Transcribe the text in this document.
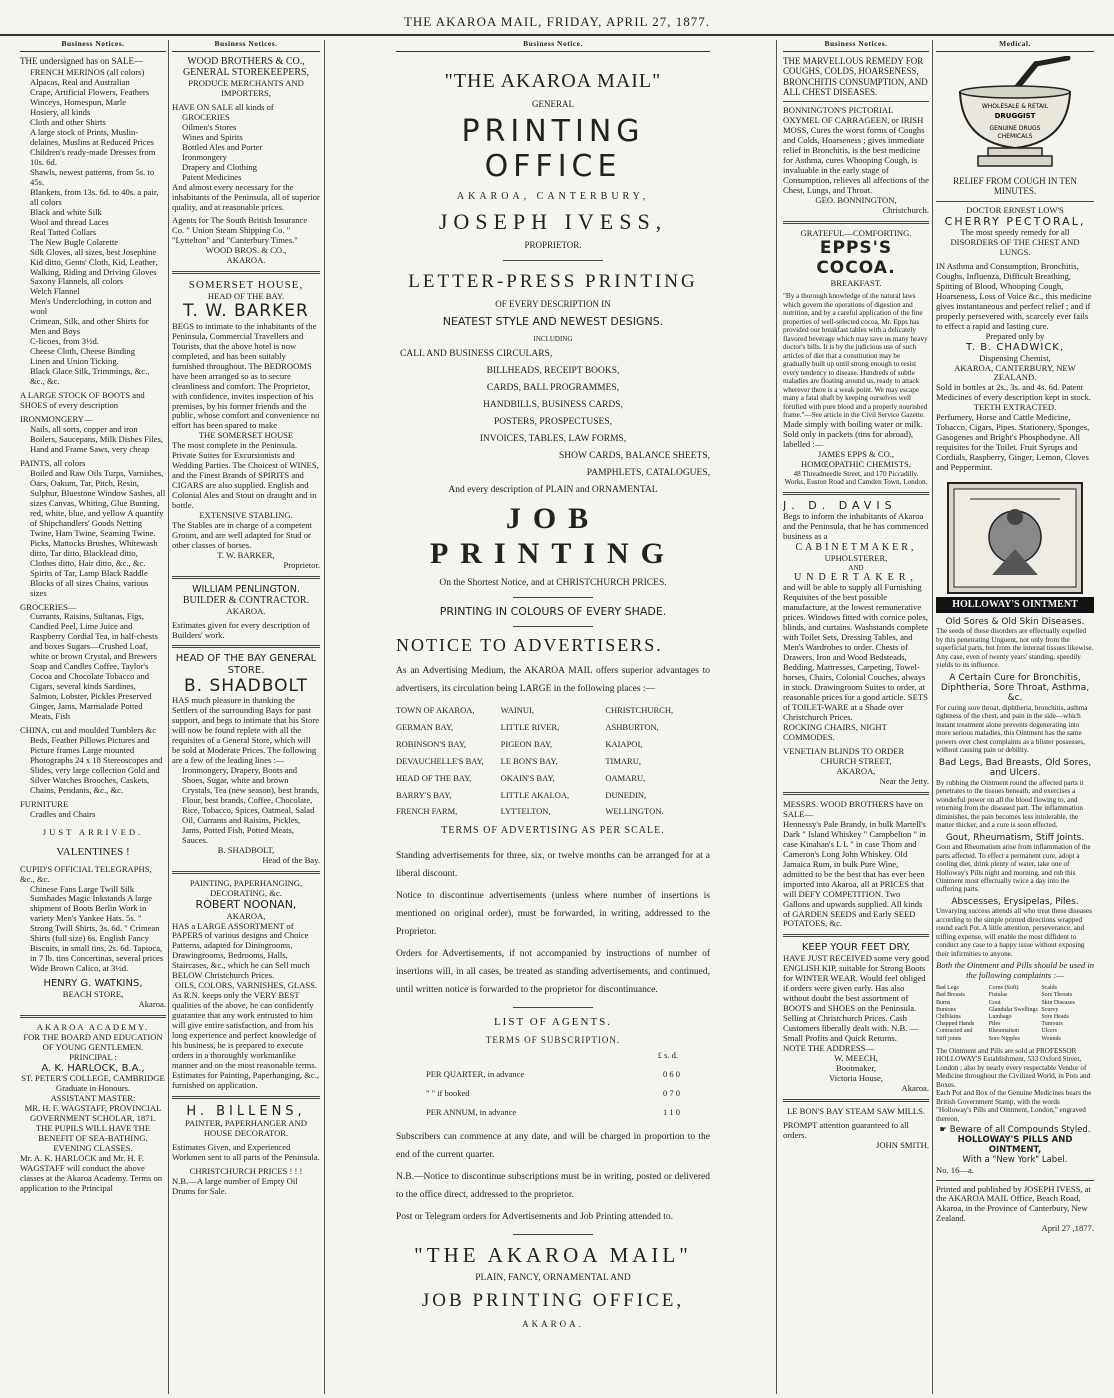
THE AKAROA MAIL, FRIDAY, APRIL 27, 1877.
Business Notices.
THE undersigned has on SALE—
FRENCH MERINOS (all colors)
Alpacas, Real and Australian
Crape, Artificial Flowers, Feathers
Winceys, Homespun, Marle
Hosiery, all kinds
Cloth and other Shirts
A large stock of Prints, Muslin-delaines, Muslins at Reduced Prices
Children's ready-made Dresses from 10s. 6d.
Shawls, newest patterns, from 5s. to 45s.
Blankets, from 13s. 6d. to 40s. a pair, all colors
Black and white Silk
Wool and thread Laces
Real Tatted Collars
The New Bugle Colarette
Silk Gloves, all sizes, best Josephine Kid ditto, Gents' Cloth, Kid, Leather, Walking, Riding and Driving Gloves
Saxony Flannels, all colors
Welch Flannel
Men's Underclothing, in cotton and wool
Crimean, Silk, and other Shirts for Men and Boys
C-licoes, from 3½d.
Cheese Cloth, Cheese Binding
Linen and Union Ticking.
Black Glace Silk, Trimmings, &c., &c., &c.
A LARGE STOCK OF BOOTS and SHOES of every description
IRONMONGERY—
Nails, all sorts, copper and iron Boilers, Saucepans, Milk Dishes Files, Hand and Frame Saws, very cheap
PAINTS, all colors
Boiled and Raw Oils Turps, Varnishes, Oars, Oakum, Tar, Pitch, Resin, Sulphur, Bluestone Window Sashes, all sizes Canvas, Whiting, Glue Bunting, red, white, blue, and yellow A quantity of Shipchandlers' Goods Netting Twine, Ham Twine, Seaming Twine. Picks, Mattocks Brushes, Whitewash ditto, Tar ditto, Blacklead ditto, Clothes ditto, Hair ditto, &c., &c. Spirits of Tar, Lamp Black Raddle Blocks of all sizes Chains, various sizes
GROCERIES—
Currants, Raisins, Sultanas, Figs, Candied Peel, Lime Juice and Raspberry Cordial Tea, in half-chests and boxes Sugars—Crushed Loaf, white or brown Crystal, and Brewers Soap and Candles Coffee, Taylor's Cocoa and Chocolate Tobacco and Cigars, several kinds Sardines, Salmon, Lobster, Pickles Preserved Ginger, Jams, Marmalade Potted Meats, Fish
CHINA, cut and moulded Tumblers &c
Beds, Feather Pillows Pictures and Picture frames Large mounted Photographs 24 x 18 Stereoscopes and Slides, very large collection Gold and Silver Watches Brooches, Caskets, Chains, Pendants, &c., &c.
FURNITURE
Cradles and Chairs
JUST ARRIVED.
VALENTINES !
CUPID'S OFFICIAL TELEGRAPHS, &c., &c.
Chinese Fans Large Twill Silk Sunshades Magic Inkstands A large shipment of Boots Berlin Work in variety Men's Yankee Hats. 5s. " Strong Twill Shirts, 3s. 6d. " Crimean Shirts (full size) 6s. English Fancy Biscuits, in small tins, 2s. 6d. Tapioca, in 7 lb. tins Concertinas, several prices Wide Brown Calico, at 3½d.
HENRY G. WATKINS,
BEACH STORE,
Akaroa.
AKAROA ACADEMY.
FOR THE BOARD AND EDUCATION OF YOUNG GENTLEMEN.
PRINCIPAL :
A. K. HARLOCK, B.A.,
ST. PETER'S COLLEGE, CAMBRIDGE Graduate in Honours.
ASSISTANT MASTER:
MR. H. F. WAGSTAFF, PROVINCIAL GOVERNMENT SCHOLAR, 1871.
THE PUPILS WILL HAVE THE BENEFIT OF SEA-BATHING.
EVENING CLASSES.
Mr. A. K. HARLOCK and Mr. H. F. WAGSTAFF will conduct the above classes at the Akaroa Academy. Terms on application to the Principal
Business Notices.
WOOD BROTHERS & CO.,
GENERAL STOREKEEPERS,
PRODUCE MERCHANTS AND IMPORTERS,
HAVE ON SALE all kinds of
GROCERIES
Oilmen's Stores
Wines and Spirits
Bottled Ales and Porter
Ironmongery
Drapery and Clothing
Patent Medicines
And almost every necessary for the inhabitants of the Peninsula, all of superior quality, and at reasonable prices.
Agents for The South British Insurance Co. " Union Steam Shipping Co. " "Lyttelton" and "Canterbury Times."
WOOD BROS. & CO.,
AKAROA.
SOMERSET HOUSE,
HEAD OF THE BAY.
T. W. BARKER
BEGS to intimate to the inhabitants of the Peninsula, Commercial Travellers and Tourists, that the above hotel is now completed, and has been suitably furnished throughout. The BEDROOMS have been arranged so as to secure cleanliness and comfort. The Proprietor, with confidence, invites inspection of his premises, by his former friends and the public, whose comfort and convenience no effort has been spared to make
THE SOMERSET HOUSE
The most complete in the Peninsula. Private Suites for Excursionists and Wedding Parties. The Choicest of WINES, and the Finest Brands of SPIRITS and CIGARS are also supplied. English and Colonial Ales and Stout on draught and in bottle.
EXTENSIVE STABLING.
The Stables are in charge of a competent Groom, and are well adapted for Stud or other classes of horses.
T. W. BARKER,
Proprietor.
WILLIAM PENLINGTON.
BUILDER & CONTRACTOR.
AKAROA.
Estimates given for every description of Builders' work.
HEAD OF THE BAY GENERAL STORE.
B. SHADBOLT
HAS much pleasure in thanking the Settlers of the surrounding Bays for past support, and begs to intimate that his Store will now be found replete with all the requisites of a General Store, which will be sold at Moderate Prices. The following are a few of the leading lines :—
Ironmongery, Drapery, Boots and Shoes, Sugar, white and brown Crystals, Tea (new season), best brands, Flour, best brands, Coffee, Chocolate, Rice, Tobacco, Spices, Oatmeal, Salad Oil, Currants and Raisins, Pickles, Jams, Potted Fish, Potted Meats, Sauces.
B. SHADBOLT,
Head of the Bay.
PAINTING, PAPERHANGING, DECORATING, &c.
ROBERT NOONAN,
AKAROA,
HAS a LARGE ASSORTMENT of PAPERS of various designs and Choice Patterns, adapted for Diningrooms, Drawingrooms, Bedrooms, Halls, Staircases, &c., which he can Sell much BELOW Christchurch Prices.
OILS, COLORS, VARNISHES, GLASS.
As R.N. keeps only the VERY BEST qualities of the above, he can confidently guarantee that any work entrusted to him will give entire satisfaction, and from his long experience and perfect knowledge of his business, he is prepared to execute orders in a thoroughly workmanlike manner and on the most reasonable terms. Estimates for Painting, Paperhanging, &c., furnished on application.
H. BILLENS,
PAINTER, PAPERHANGER AND HOUSE DECORATOR.
Estimates Given, and Experienced Workmen sent to all parts of the Peninsula.
CHRISTCHURCH PRICES ! ! !
N.B.—A large number of Empty Oil Drums for Sale.
Business Notice.
"THE AKAROA MAIL"
GENERAL
PRINTING OFFICE
AKAROA, CANTERBURY,
JOSEPH IVESS,
PROPRIETOR.
LETTER-PRESS PRINTING
OF EVERY DESCRIPTION IN
NEATEST STYLE AND NEWEST DESIGNS.
INCLUDING
CALL AND BUSINESS CIRCULARS,
BILLHEADS, RECEIPT BOOKS,
CARDS, BALL PROGRAMMES,
HANDBILLS, BUSINESS CARDS,
POSTERS, PROSPECTUSES,
INVOICES, TABLES, LAW FORMS,
SHOW CARDS, BALANCE SHEETS,
PAMPHLETS, CATALOGUES,
And every description of PLAIN and ORNAMENTAL
JOB PRINTING
On the Shortest Notice, and at CHRISTCHURCH PRICES.
PRINTING IN COLOURS OF EVERY SHADE.
NOTICE TO ADVERTISERS.

As an Advertising Medium, the AKAROA MAIL offers superior advantages to advertisers, its circulation being LARGE in the following places :—

TOWN OF AKAROA,	WAINUI,	CHRISTCHURCH,
GERMAN BAY,	LITTLE RIVER,	ASHBURTON,
ROBINSON'S BAY,	PIGEON BAY,	KAIAPOI,
DEVAUCHELLE'S BAY,	LE BON'S BAY,	TIMARU,
HEAD OF THE BAY,	OKAIN'S BAY,	OAMARU,
BARRY'S BAY,	LITTLE AKALOA,	DUNEDIN,
FRENCH FARM,	LYTTELTON,	WELLINGTON.
TERMS OF ADVERTISING AS PER SCALE.

Standing advertisements for three, six, or twelve months can be arranged for at a liberal discount.

Notice to discontinue advertisements (unless where number of insertions is mentioned on original order), must be forwarded, in writing, addressed to the Proprietor.

Orders for Advertisements, if not accompanied by instructions of number of insertions will, in all cases, be treated as standing advertisements, and continued, until written notice is forwarded to the proprietor for discontinuance.

LIST OF AGENTS.
TERMS OF SUBSCRIPTION.
£ s. d.
PER QUARTER, in advance	0 6 0
" " if booked	0 7 0
PER ANNUM, in advance	1 1 0

Subscribers can commence at any date, and will be charged in proportion to the end of the current quarter.

N.B.—Notice to discontinue subscriptions must be in writing, posted or delivered to the office direct, addressed to the proprietor.

Post or Telegram orders for Advertisements and Job Printing attended to.

"THE AKAROA MAIL"
PLAIN, FANCY, ORNAMENTAL AND
JOB PRINTING OFFICE,
AKAROA.
Business Notices.
THE MARVELLOUS REMEDY FOR COUGHS, COLDS, HOARSENESS, BRONCHITIS CONSUMPTION, AND ALL CHEST DISEASES.
BONNINGTON'S PICTORIAL OXYMEL OF CARRAGEEN, or IRISH MOSS, Cures the worst forms of Coughs and Colds, Hoarseness ; gives immediate relief in Bronchitis, is the best medicine for Asthma, cures Whooping Cough, is invaluable in the early stage of Consumption, relieves all affections of the Chest, Lungs, and Throat.
GEO. BONNINGTON,
Christchurch.
GRATEFUL—COMFORTING.
EPPS'S COCOA.
BREAKFAST.
"By a thorough knowledge of the natural laws which govern the operations of digestion and nutrition, and by a careful application of the fine properties of well-selected cocoa, Mr. Epps has provided our breakfast tables with a delicately flavored beverage which may save us many heavy doctor's bills. It is by the judicious use of such articles of diet that a constitution may be gradually built up until strong enough to resist every tendency to disease. Hundreds of subtle maladies are floating around us, ready to attack wherever there is a weak point. We may escape many a fatal shaft by keeping ourselves well fortified with pure blood and a properly nourished frame."—See article in the Civil Service Gazette.
Made simply with boiling water or milk. Sold only in packets (tins for abroad), labelled :—
JAMES EPPS & CO.,
HOMŒOPATHIC CHEMISTS,
48 Threadneedle Street, and 170 Piccadilly. Works, Euston Road and Camden Town, London.
J. D. DAVIS
Begs to inform the inhabitants of Akaroa and the Peninsula, that he has commenced business as a
CABINETMAKER,
UPHOLSTERER,
AND
UNDERTAKER,
and will be able to supply all Furnishing Requisites of the best possible manufacture, at the lowest remunerative prices. Windows fitted with cornice poles, blinds, and curtains. Washstands complete with Toilet Sets, Dressing Tables, and Men's Wardrobes to order. Chests of Drawers, Iron and Wood Bedsteads, Bedding, Mattresses, Carpeting, Towel-horses, Chairs, Colonial Couches, always in stock. Drawingroom Suites to order, at reasonable prices for a good article. SETS of TOILET-WARE at a Shade over Christchurch Prices.
ROCKING CHAIRS, NIGHT COMMODES.
VENETIAN BLINDS TO ORDER
CHURCH STREET,
AKAROA,
Near the Jetty.
MESSRS. WOOD BROTHERS have on SALE—
Hennessy's Pale Brandy, in bulk Martell's Dark " Island Whiskey " Campbelton " in case Kinahan's L L " in case Thom and Cameron's Long John Whiskey. Old Jamaica Rum, in bulk Pure Wine, admitted to be the best that has ever been imported into Akaroa, all at PRICES that will DEFY COMPETITION. Two Gallons and upwards supplied. All kinds of GARDEN SEEDS and Early SEED POTATOES, &c.
KEEP YOUR FEET DRY.
HAVE JUST RECEIVED some very good ENGLISH KIP, suitable for Strong Boots for WINTER WEAR. Would feel obliged if orders were given early. Has also without doubt the best assortment of BOOTS and SHOES on the Peninsula. Selling at Christchurch Prices. Cash Customers liberally dealt with. N.B. — Small Profits and Quick Returns.
NOTE THE ADDRESS—
W. MEECH,
Bootmaker,
Victoria House,
Akaroa.
LE BON'S BAY STEAM SAW MILLS.
PROMPT attention guaranteed to all orders.
JOHN SMITH.
Medical.
WHOLESALE & RETAIL
DRUGGIST
GENUINE DRUGS
CHEMICALS
RELIEF FROM COUGH IN TEN MINUTES.
DOCTOR ERNEST LOW'S
CHERRY PECTORAL,
The most speedy remedy for all DISORDERS OF THE CHEST AND LUNGS.
IN Asthma and Consumption, Bronchitis, Coughs, Influenza, Difficult Breathing, Spitting of Blood, Whooping Cough, Hoarseness, Loss of Voice &c., this medicine gives instantaneous and perfect relief ; and if properly persevered with, scarcely ever fails to effect a rapid and lasting cure.
Prepared only by
T. B. CHADWICK,
Dispensing Chemist,
AKAROA, CANTERBURY, NEW ZEALAND.
Sold in bottles at 2s., 3s. and 4s. 6d. Patent Medicines of every description kept in stock.
TEETH EXTRACTED.
Perfumery, Horse and Cattle Medicine, Tobacco, Cigars, Pipes. Stationery, Sponges, Gasogenes and Bright's Phosphodyne. All requisites for the Toilet. Fruit Syrups and Cordials, Raspberry, Ginger, Lemon, Cloves and Peppermint.
HOLLOWAY'S OINTMENT
Old Sores & Old Skin Diseases.
The seeds of these disorders are effectually expelled by this penetrating Unguent, not only from the superficial parts, but from the internal tissues likewise. Any case, even of twenty years' standing, speedily yields to its influence.
A Certain Cure for Bronchitis, Diphtheria, Sore Throat, Asthma, &c.
For curing sore throat, diphtheria, bronchitis, asthma tightness of the chest, and pain in the side—which instant treatment alone prevents degenerating into more serious maladies, this Ointment has the same powers over chest complaints as a blister possesses, without causing pain or debility.
Bad Legs, Bad Breasts, Old Sores, and Ulcers.
By rubbing the Ointment round the affected parts it penetrates to the tissues beneath, and exercises a wonderful power on all the blood flowing to, and returning from the diseased part. The inflammation diminishes, the pain becomes less intolerable, the matter thicker, and a cure is soon effected.
Gout, Rheumatism, Stiff Joints.
Gout and Rheumatism arise from inflammation of the parts affected. To effect a permanent cure, adopt a cooling diet, drink plenty of water, take one of Holloway's Pills night and morning, and rub this Ointment most effectually twice a day into the suffering parts.
Abscesses, Erysipelas, Piles.
Unvarying success attends all who treat these diseases according to the simple printed directions wrapped round each Pot. A little attention, perseverance, and trifling expense, will enable the most diffident to conduct any case to a happy issue without exposing their infirmities to anyone.
Both the Ointment and Pills should be used in the following complaints :—
Bad Legs	Corns (Soft)	Scalds
Bad Breasts	Fistulas	Sore Throats
Burns	Gout	Skin Diseases
Bunions	Glandular Swellings Scurvy
Chilblains	Lumbago	Sore Heads
Chapped Hands	Piles	Tumours
Contracted and	Rheumatism	Ulcers
Stiff joints	Sore Nipples	Wounds
The Ointment and Pills are sold at PROFESSOR HOLLOWAY'S Establishment, 533 Oxford Street, London ; also by nearly every respectable Vendor of Medicine throughout the Civilized World, in Pots and Boxes.
Each Pot and Box of the Genuine Medicines bears the British Government Stamp, with the words "Holloway's Pills and Ointment, London," engraved thereon.
☛ Beware of all Compounds Styled.
HOLLOWAY'S PILLS AND OINTMENT,
With a "New York" Label.
No. 16—a.
Printed and published by JOSEPH IVESS, at the AKAROA MAIL Office, Beach Road, Akaroa, in the Province of Canterbury, New Zealand.
April 27 ,1877.
